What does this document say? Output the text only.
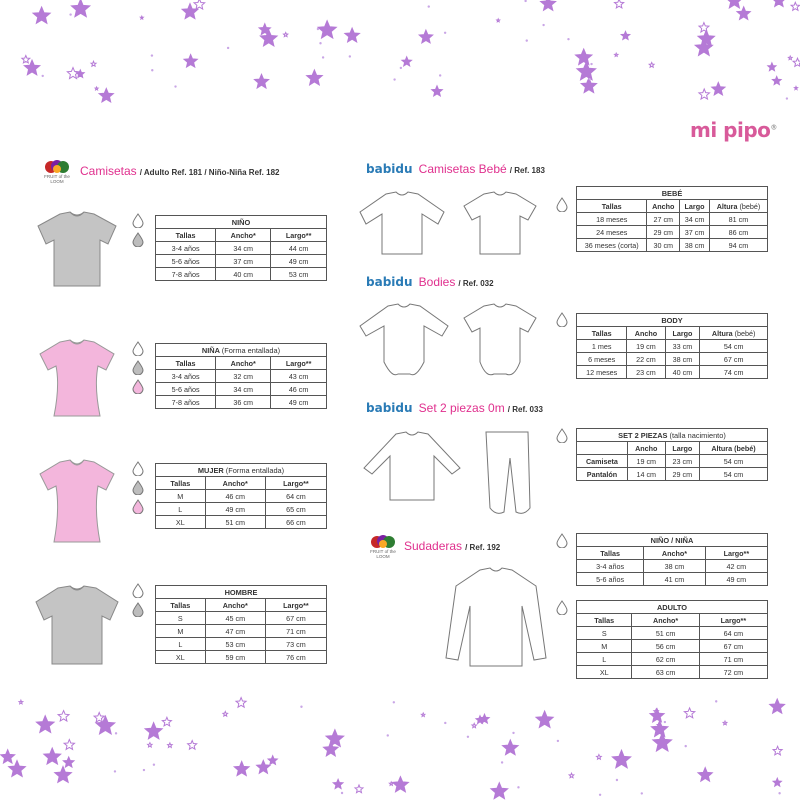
mi pipo®
FRUIT of the LOOM
Camisetas / Adulto Ref. 181 / Niño-Niña Ref. 182
NIÑO		
Tallas	Ancho*	Largo**
3-4 años	34 cm	44 cm
5-6 años	37 cm	49 cm
7-8 años	40 cm	53 cm
NIÑA (Forma entallada)		
Tallas	Ancho*	Largo**
3-4 años	32 cm	43 cm
5-6 años	34 cm	46 cm
7-8 años	36 cm	49 cm
MUJER (Forma entallada)		
Tallas	Ancho*	Largo**
M	46 cm	64 cm
L	49 cm	65 cm
XL	51 cm	66 cm
HOMBRE		
Tallas	Ancho*	Largo**
S	45 cm	67 cm
M	47 cm	71 cm
L	53 cm	73 cm
XL	59 cm	76 cm
babidu Camisetas Bebé / Ref. 183
babidu Bodies / Ref. 032
babidu Set 2 piezas 0m / Ref. 033
FRUIT of the LOOM
Sudaderas / Ref. 192
BEBÉ			
Tallas	Ancho	Largo	Altura (bebé)
18 meses	27 cm	34 cm	81 cm
24 meses	29 cm	37 cm	86 cm
36 meses (corta)	30 cm	38 cm	94 cm
BODY			
Tallas	Ancho	Largo	Altura (bebé)
1 mes	19 cm	33 cm	54 cm
6 meses	22 cm	38 cm	67 cm
12 meses	23 cm	40 cm	74 cm
SET 2 PIEZAS (talla nacimiento)			
	Ancho	Largo	Altura (bebé)
Camiseta	19 cm	23 cm	54 cm
Pantalón	14 cm	29 cm	54 cm
NIÑO / NIÑA		
Tallas	Ancho*	Largo**
3-4 años	38 cm	42 cm
5-6 años	41 cm	49 cm
ADULTO		
Tallas	Ancho*	Largo**
S	51 cm	64 cm
M	56 cm	67 cm
L	62 cm	71 cm
XL	63 cm	72 cm
